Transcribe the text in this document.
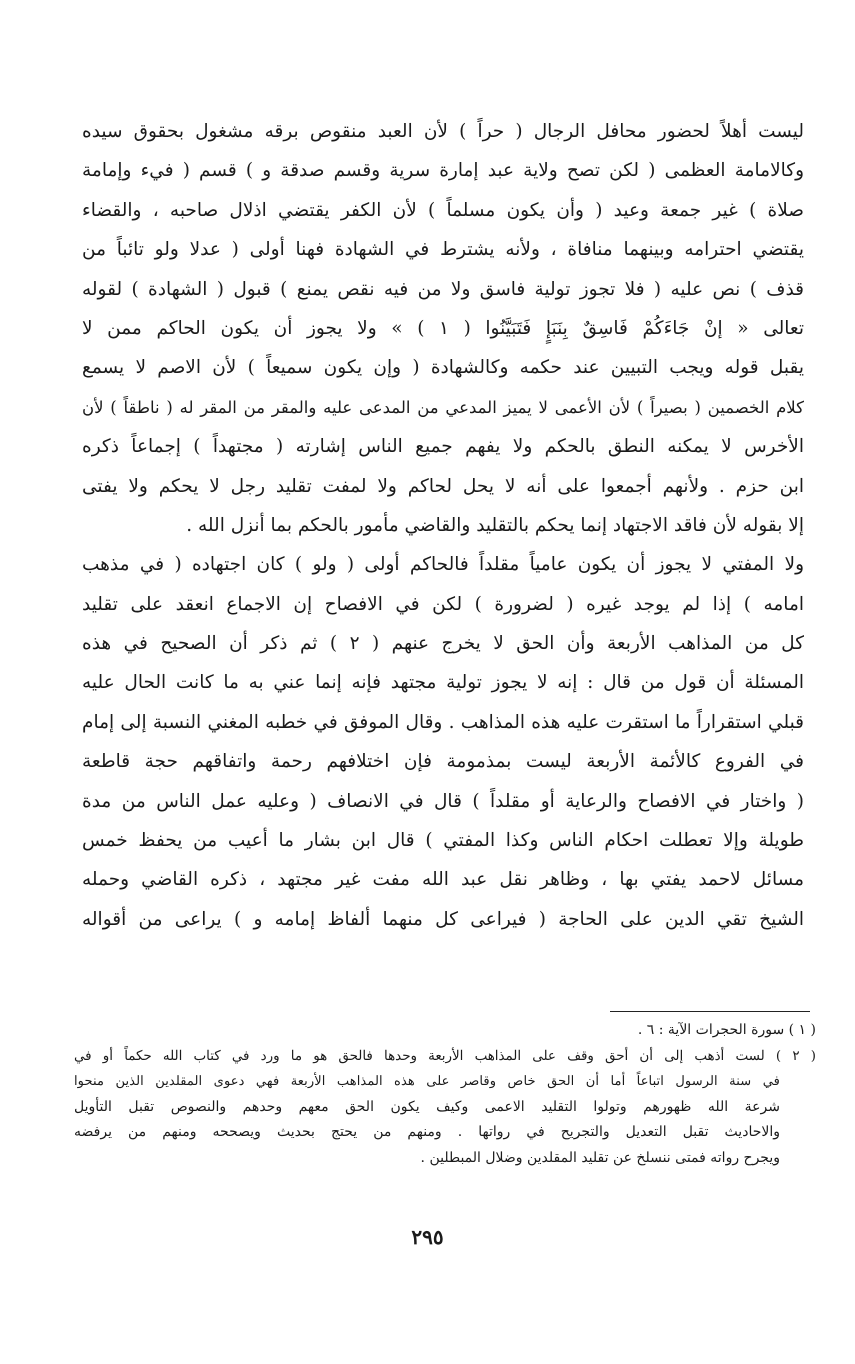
ليست أهلاً لحضور محافل الرجال ( حراً ) لأن العبد منقوص برقه مشغول بحقوق سيده
وكالامامة العظمى ( لكن تصح ولاية عبد إمارة سرية وقسم صدقة و ) قسم ( فيء وإمامة
صلاة ) غير جمعة وعيد ( وأن يكون مسلماً ) لأن الكفر يقتضي اذلال صاحبه ، والقضاء
يقتضي احترامه وبينهما منافاة ، ولأنه يشترط في الشهادة فهنا أولى ( عدلا ولو تائباً من
قذف ) نص عليه ( فلا تجوز تولية فاسق ولا من فيه نقص يمنع ) قبول ( الشهادة ) لقوله
تعالى « إنْ جَاءَكُمْ فَاسِقٌ بِنَبَإٍ فَتَبَيَّنُوا ( ١ ) » ولا يجوز أن يكون الحاكم ممن لا
يقبل قوله ويجب التبيين عند حكمه وكالشهادة ( وإن يكون سميعاً ) لأن الاصم لا يسمع
كلام الخصمين ( بصيراً ) لأن الأعمى لا يميز المدعي من المدعى عليه والمقر من المقر له ( ناطقاً ) لأن
الأخرس لا يمكنه النطق بالحكم ولا يفهم جميع الناس إشارته ( مجتهداً ) إجماعاً ذكره
ابن حزم . ولأنهم أجمعوا على أنه لا يحل لحاكم ولا لمفت تقليد رجل لا يحكم ولا يفتى
إلا بقوله لأن فاقد الاجتهاد إنما يحكم بالتقليد والقاضي مأمور بالحكم بما أنزل الله .
ولا المفتي لا يجوز أن يكون عامياً مقلداً فالحاكم أولى ( ولو ) كان اجتهاده ( في مذهب
امامه ) إذا لم يوجد غيره ( لضرورة ) لكن في الافصاح إن الاجماع انعقد على تقليد
كل من المذاهب الأربعة وأن الحق لا يخرج عنهم ( ٢ ) ثم ذكر أن الصحيح في هذه
المسئلة أن قول من قال : إنه لا يجوز تولية مجتهد فإنه إنما عني به ما كانت الحال عليه
قبلي استقراراً ما استقرت عليه هذه المذاهب . وقال الموفق في خطبه المغني النسبة إلى إمام
في الفروع كالأئمة الأربعة ليست بمذمومة فإن اختلافهم رحمة واتفاقهم حجة قاطعة
( واختار في الافصاح والرعاية أو مقلداً ) قال في الانصاف ( وعليه عمل الناس من مدة
طويلة وإلا تعطلت احكام الناس وكذا المفتي ) قال ابن بشار ما أعيب من يحفظ خمس
مسائل لاحمد يفتي بها ، وظاهر نقل عبد الله مفت غير مجتهد ، ذكره القاضي وحمله
الشيخ تقي الدين على الحاجة ( فيراعى كل منهما ألفاظ إمامه و ) يراعى من أقواله
( ١ ) سورة الحجرات الآية : ٦ .
( ٢ ) لست أذهب إلى أن أحق وقف على المذاهب الأربعة وحدها فالحق هو ما ورد في كتاب الله حكماً أو في
في سنة الرسول اتباعاً أما أن الحق خاص وقاصر على هذه المذاهب الأربعة فهي دعوى المقلدين الذين منحوا
شرعة الله ظهورهم وتولوا التقليد الاعمى وكيف يكون الحق معهم وحدهم والنصوص تقبل التأويل
والاحاديث تقبل التعديل والتجريح في رواتها . ومنهم من يحتج بحديث ويصححه ومنهم من يرفضه
ويجرح رواته فمتى ننسلخ عن تقليد المقلدين وضلال المبطلين .
٢٩٥
